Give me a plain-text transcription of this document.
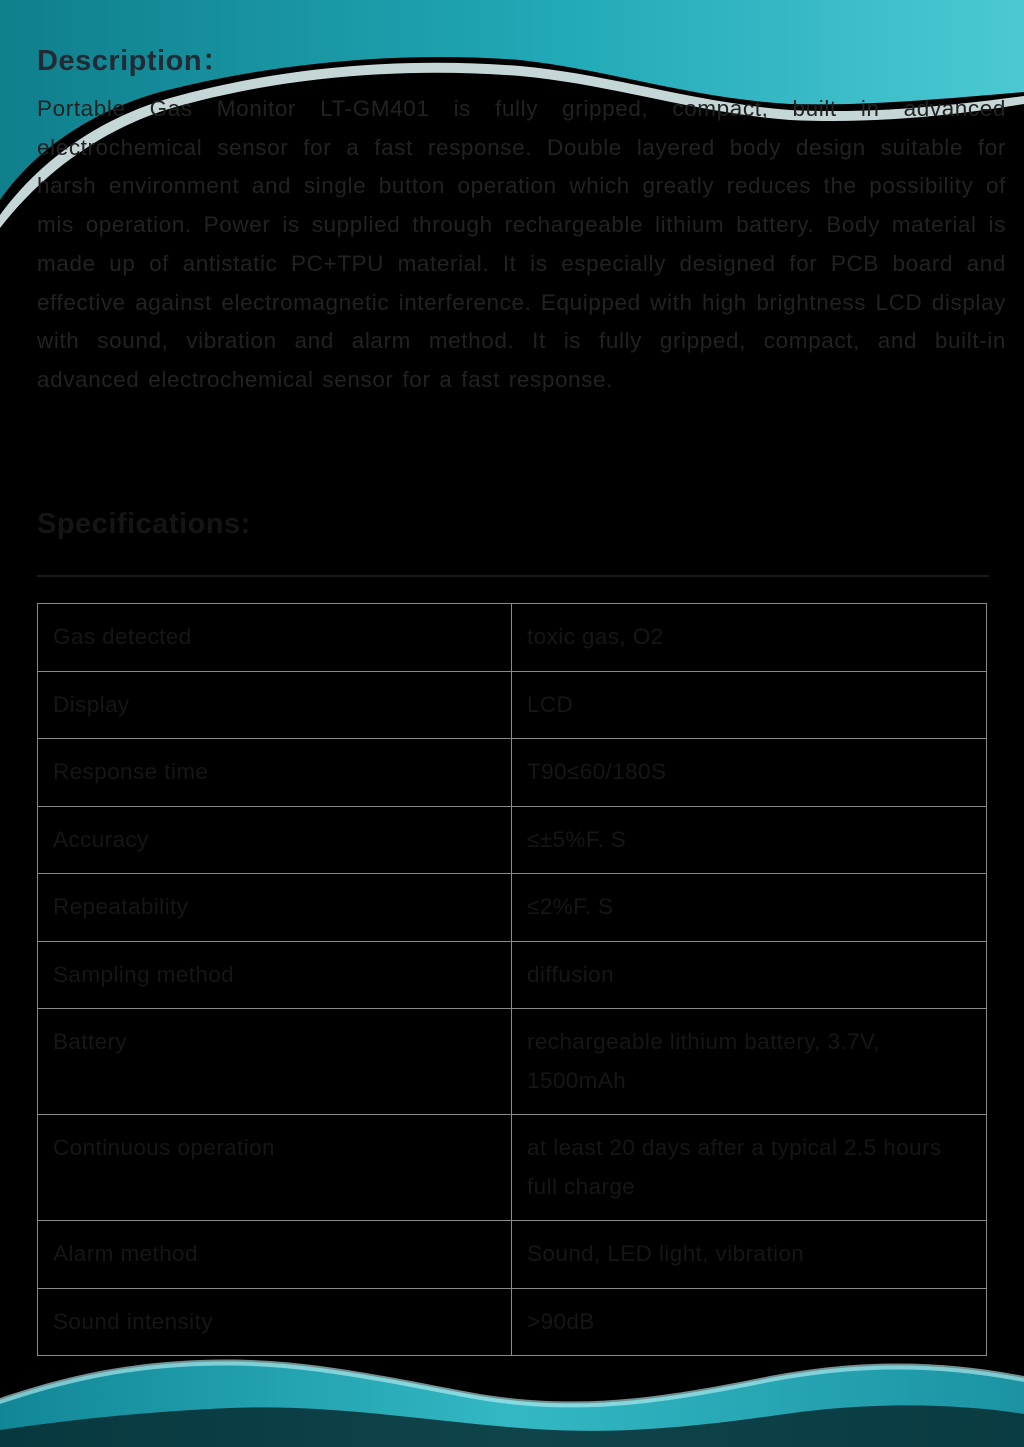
Description：

Portable Gas Monitor LT-GM401 is fully gripped, compact, built in advanced electrochemical sensor for a fast response. Double layered body design suitable for harsh environment and single button operation which greatly reduces the possibility of mis operation. Power is supplied through rechargeable lithium battery. Body material is made up of antistatic PC+TPU material. It is especially designed for PCB board and effective against electromagnetic interference. Equipped with high brightness LCD display with sound, vibration and alarm method. It is fully gripped, compact, and built-in advanced electrochemical sensor for a fast response.

Specifications:
Gas detected	toxic gas, O2
Display	LCD
Response time	T90≤60/180S
Accuracy	≤±5%F. S
Repeatability	≤2%F. S
Sampling method	diffusion
Battery	rechargeable lithium battery, 3.7V, 1500mAh
Continuous operation	at least 20 days after a typical 2.5 hours full charge
Alarm method	Sound, LED light, vibration
Sound intensity	>90dB
